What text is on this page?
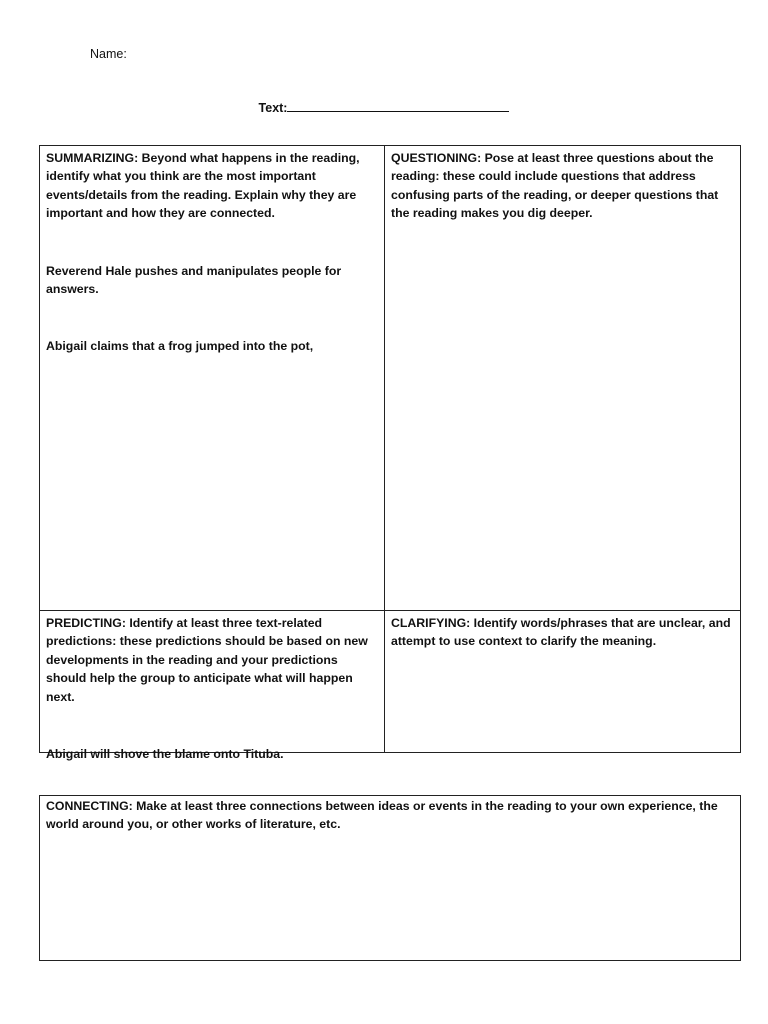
Name:
Text:

SUMMARIZING: Beyond what happens in the reading, identify what you think are the most important events/details from the reading. Explain why they are important and how they are connected.

Reverend Hale pushes and manipulates people for answers.

Abigail claims that a frog jumped into the pot,

QUESTIONING: Pose at least three questions about the reading: these could include questions that address confusing parts of the reading, or deeper questions that the reading makes you dig deeper.

PREDICTING: Identify at least three text-related predictions: these predictions should be based on new developments in the reading and your predictions should help the group to anticipate what will happen next.

Abigail will shove the blame onto Tituba.

CLARIFYING: Identify words/phrases that are unclear, and attempt to use context to clarify the meaning.

CONNECTING: Make at least three connections between ideas or events in the reading to your own experience, the world around you, or other works of literature, etc.
